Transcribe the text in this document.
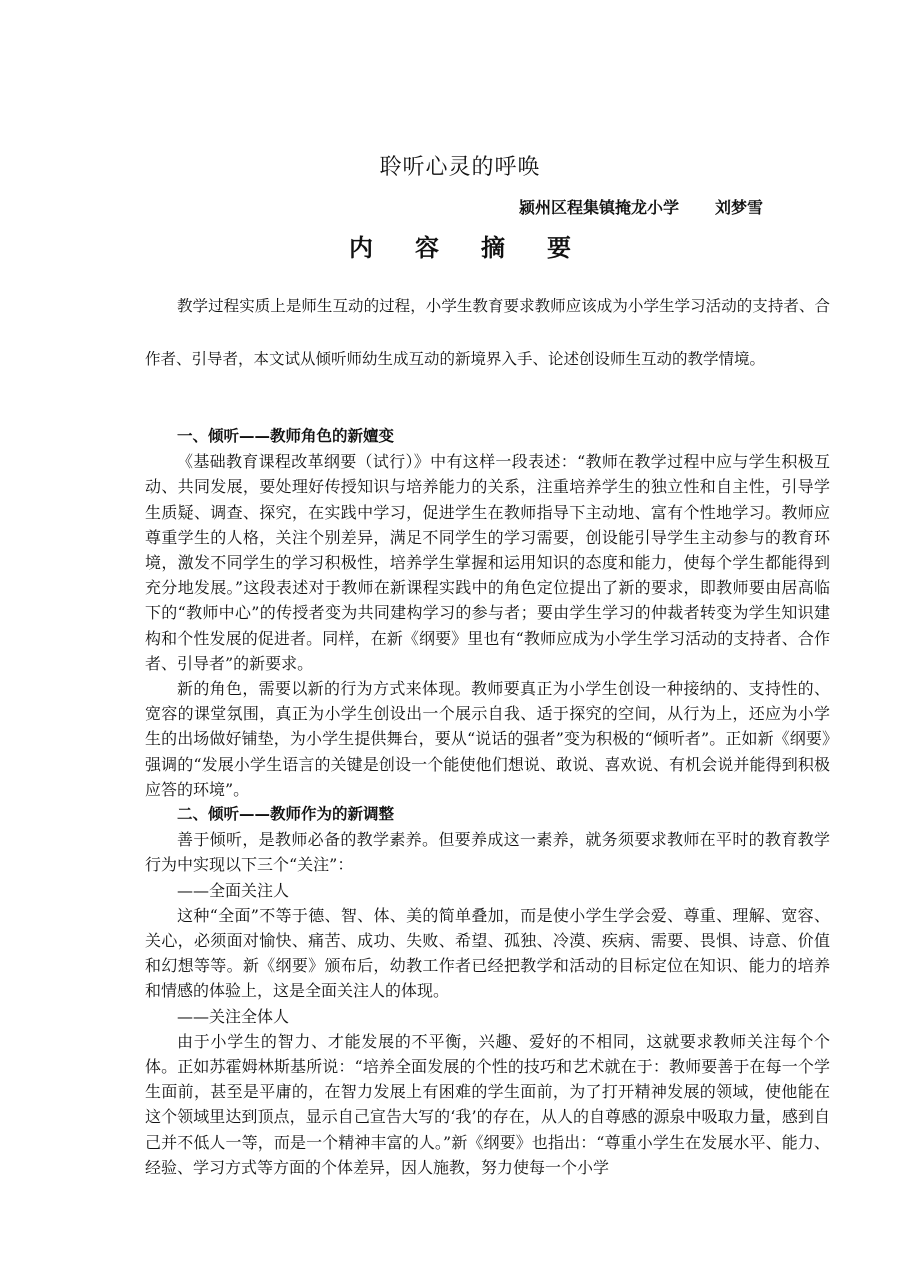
聆听心灵的呼唤
颍州区程集镇掩龙小学 刘梦雪
内容摘要

教学过程实质上是师生互动的过程，小学生教育要求教师应该成为小学生学习活动的支持者、合作者、引导者，本文试从倾听师幼生成互动的新境界入手、论述创设师生互动的教学情境。

一、倾听——教师角色的新嬗变

《基础教育课程改革纲要（试行）》中有这样一段表述：“教师在教学过程中应与学生积极互动、共同发展，要处理好传授知识与培养能力的关系，注重培养学生的独立性和自主性，引导学生质疑、调查、探究，在实践中学习，促进学生在教师指导下主动地、富有个性地学习。教师应尊重学生的人格，关注个别差异，满足不同学生的学习需要，创设能引导学生主动参与的教育环境，激发不同学生的学习积极性，培养学生掌握和运用知识的态度和能力，使每个学生都能得到充分地发展。”这段表述对于教师在新课程实践中的角色定位提出了新的要求，即教师要由居高临下的“教师中心”的传授者变为共同建构学习的参与者；要由学生学习的仲裁者转变为学生知识建构和个性发展的促进者。同样，在新《纲要》里也有“教师应成为小学生学习活动的支持者、合作者、引导者”的新要求。

新的角色，需要以新的行为方式来体现。教师要真正为小学生创设一种接纳的、支持性的、宽容的课堂氛围，真正为小学生创设出一个展示自我、适于探究的空间，从行为上，还应为小学生的出场做好铺垫，为小学生提供舞台，要从“说话的强者”变为积极的“倾听者”。正如新《纲要》强调的“发展小学生语言的关键是创设一个能使他们想说、敢说、喜欢说、有机会说并能得到积极应答的环境”。

二、倾听——教师作为的新调整

善于倾听，是教师必备的教学素养。但要养成这一素养，就务须要求教师在平时的教育教学行为中实现以下三个“关注”：

——全面关注人

这种“全面”不等于德、智、体、美的简单叠加，而是使小学生学会爱、尊重、理解、宽容、关心，必须面对愉快、痛苦、成功、失败、希望、孤独、冷漠、疾病、需要、畏惧、诗意、价值和幻想等等。新《纲要》颁布后，幼教工作者已经把教学和活动的目标定位在知识、能力的培养和情感的体验上，这是全面关注人的体现。

——关注全体人

由于小学生的智力、才能发展的不平衡，兴趣、爱好的不相同，这就要求教师关注每个个体。正如苏霍姆林斯基所说：“培养全面发展的个性的技巧和艺术就在于：教师要善于在每一个学生面前，甚至是平庸的，在智力发展上有困难的学生面前，为了打开精神发展的领域，使他能在这个领域里达到顶点，显示自己宣告大写的‘我’的存在，从人的自尊感的源泉中吸取力量，感到自己并不低人一等，而是一个精神丰富的人。”新《纲要》也指出：“尊重小学生在发展水平、能力、经验、学习方式等方面的个体差异，因人施教，努力使每一个小学
